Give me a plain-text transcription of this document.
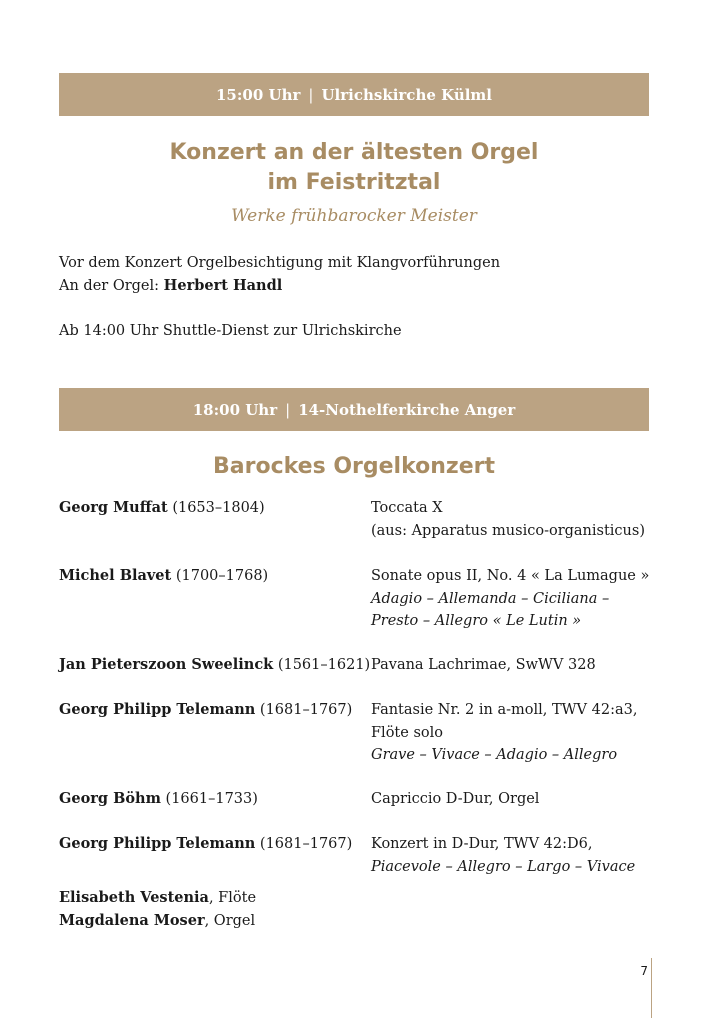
15:00 Uhr | Ulrichskirche Külml
Konzert an der ältesten Orgel
im Feistritztal
Werke frühbarocker Meister
Vor dem Konzert Orgelbesichtigung mit Klangvorführungen
An der Orgel: Herbert Handl
Ab 14:00 Uhr Shuttle-Dienst zur Ulrichskirche
18:00 Uhr | 14-Nothelferkirche Anger
Barockes Orgelkonzert
Georg Muffat (1653–1804)	Toccata X
(aus: Apparatus musico-organisticus)
Michel Blavet (1700–1768)	Sonate opus II, No. 4 « La Lumague »
Adagio – Allemanda – Ciciliana –
Presto – Allegro « Le Lutin »
Jan Pieterszoon Sweelinck (1561–1621) Pavana Lachrimae, SwWV 328
Georg Philipp Telemann (1681–1767) Fantasie Nr. 2 in a-moll, TWV 42:a3,
Flöte solo
Grave – Vivace – Adagio – Allegro
Georg Böhm (1661–1733)	Capriccio D-Dur, Orgel
Georg Philipp Telemann (1681–1767) Konzert in D-Dur, TWV 42:D6,
Piacevole – Allegro – Largo – Vivace
Elisabeth Vestenia, Flöte
Magdalena Moser, Orgel
7
